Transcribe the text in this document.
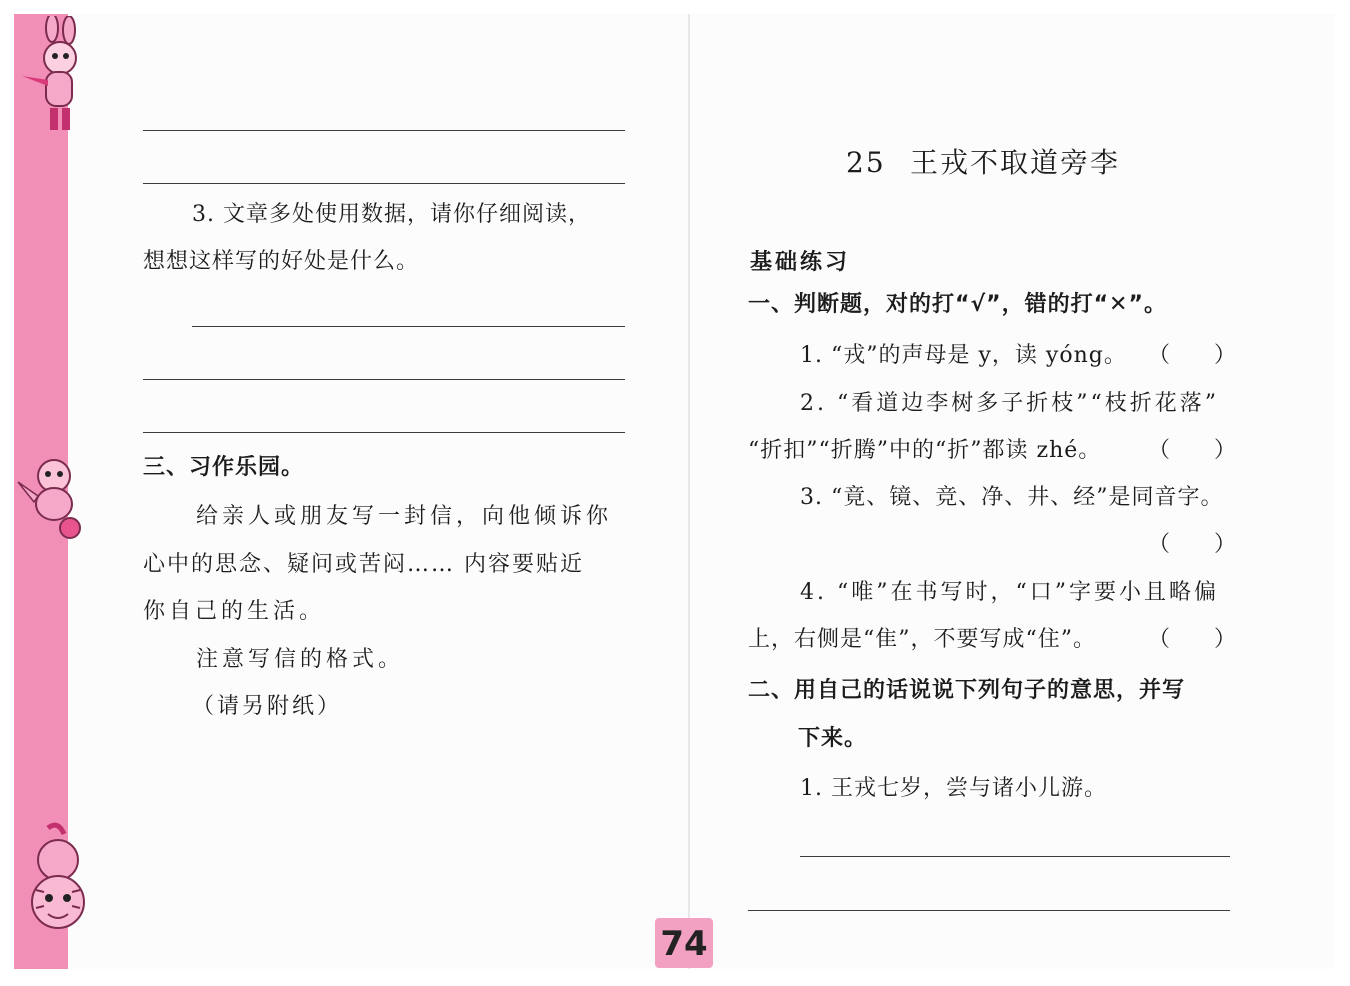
3. 文章多处使用数据，请你仔细阅读，
想想这样写的好处是什么。
三、习作乐园。
给亲人或朋友写一封信，向他倾诉你
心中的思念、疑问或苦闷…… 内容要贴近
你自己的生活。
注意写信的格式。
（请另附纸）
25 王戎不取道旁李
基础练习
一、判断题，对的打“√”，错的打“✕”。
1. “戎”的声母是 y，读 yóng。 （　　）
2. “看道边李树多子折枝”“枝折花落”
“折扣”“折腾”中的“折”都读 zhé。 （　　）
3. “竟、镜、竞、净、井、经”是同音字。
（　　）
4. “唯”在书写时，“口”字要小且略偏
上，右侧是“隹”，不要写成“住”。 （　　）
二、用自己的话说说下列句子的意思，并写
下来。
1. 王戎七岁，尝与诸小儿游。
74
